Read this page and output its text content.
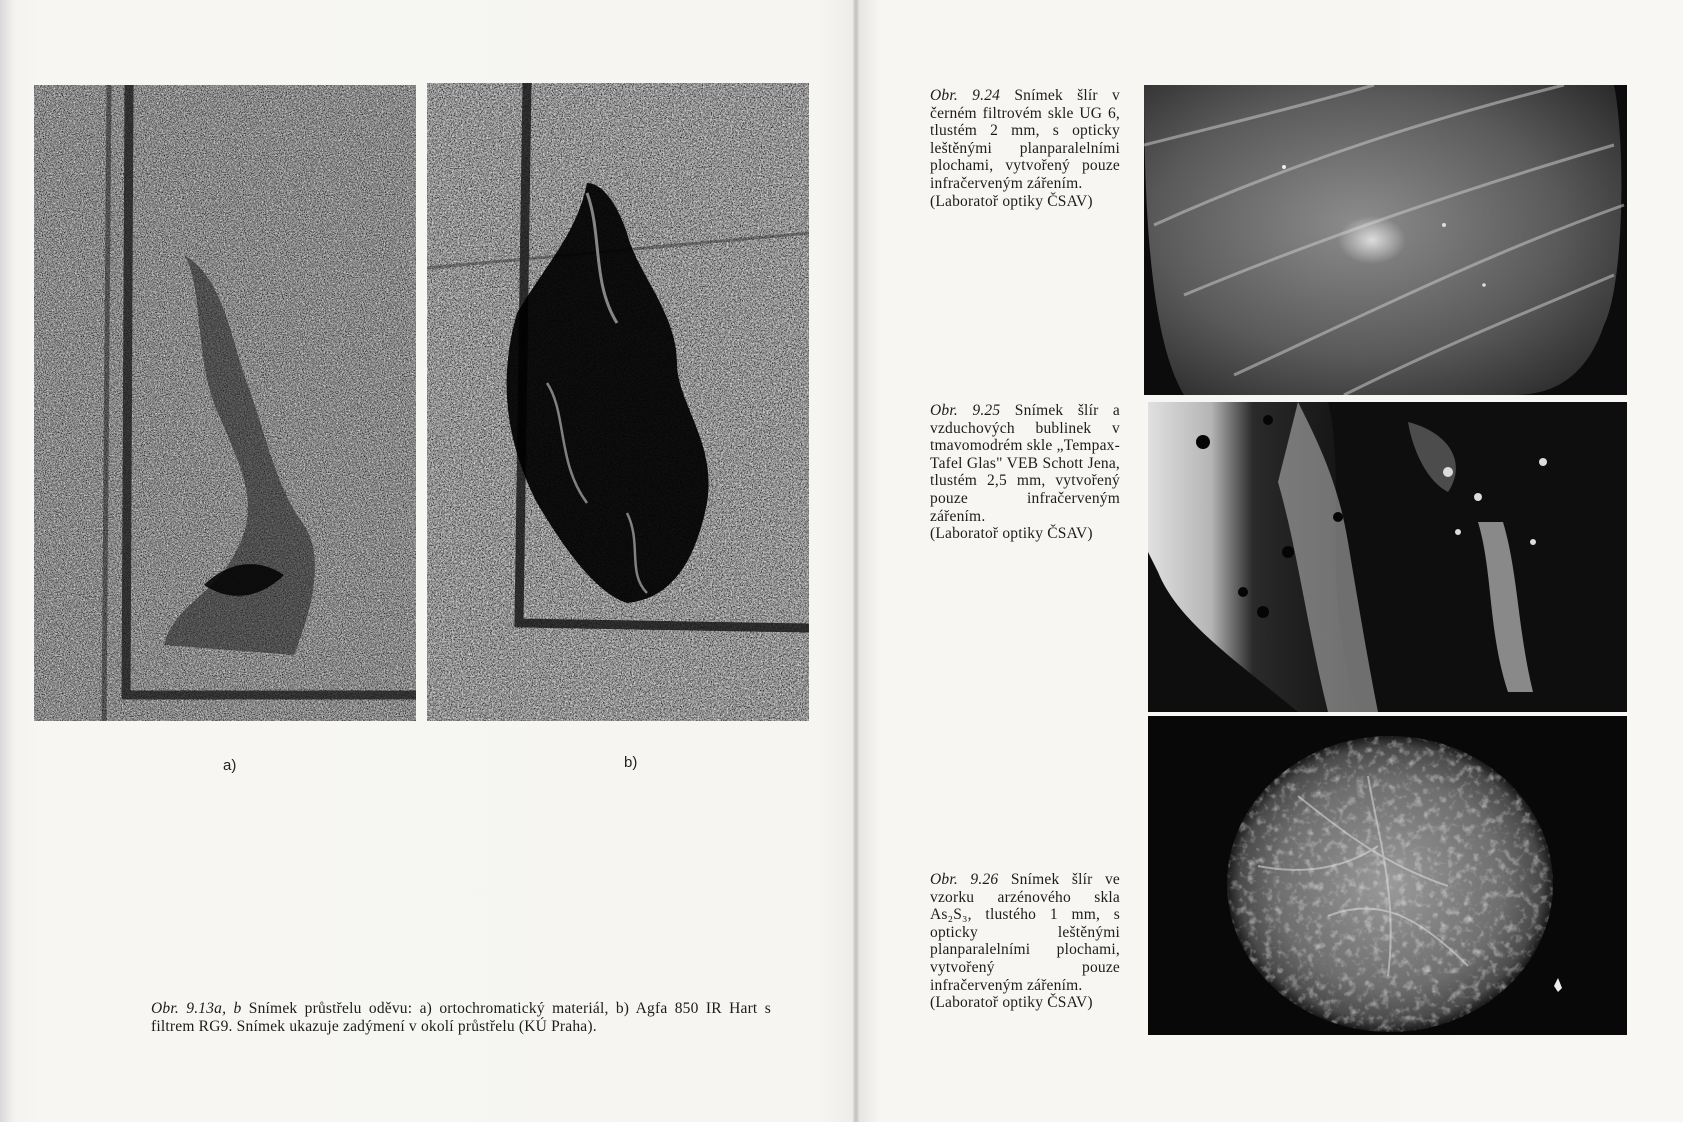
a)	b)
Obr. 9.13a, b Snímek průstřelu oděvu: a) ortochromatický materiál, b) Agfa 850 IR Hart s filtrem RG9. Snímek ukazuje zadýmení v okolí průstřelu (KÚ Praha).
Obr. 9.24 Snímek šlír v černém filtrovém skle UG 6, tlustém 2 mm, s opticky leštěnými planparalelními plochami, vytvořený pouze infračerveným zářením.
(Laboratoř optiky ČSAV)
Obr. 9.25 Snímek šlír a vzduchových bublinek v tmavomodrém skle „Tempax-Tafel Glas" VEB Schott Jena, tlustém 2,5 mm, vytvořený pouze infračerveným zářením.
(Laboratoř optiky ČSAV)
Obr. 9.26 Snímek šlír ve vzorku arzénového skla As₂S₃, tlustého 1 mm, s opticky leštěnými planparalelními plochami, vytvořený pouze infračerveným zářením.
(Laboratoř optiky ČSAV)
